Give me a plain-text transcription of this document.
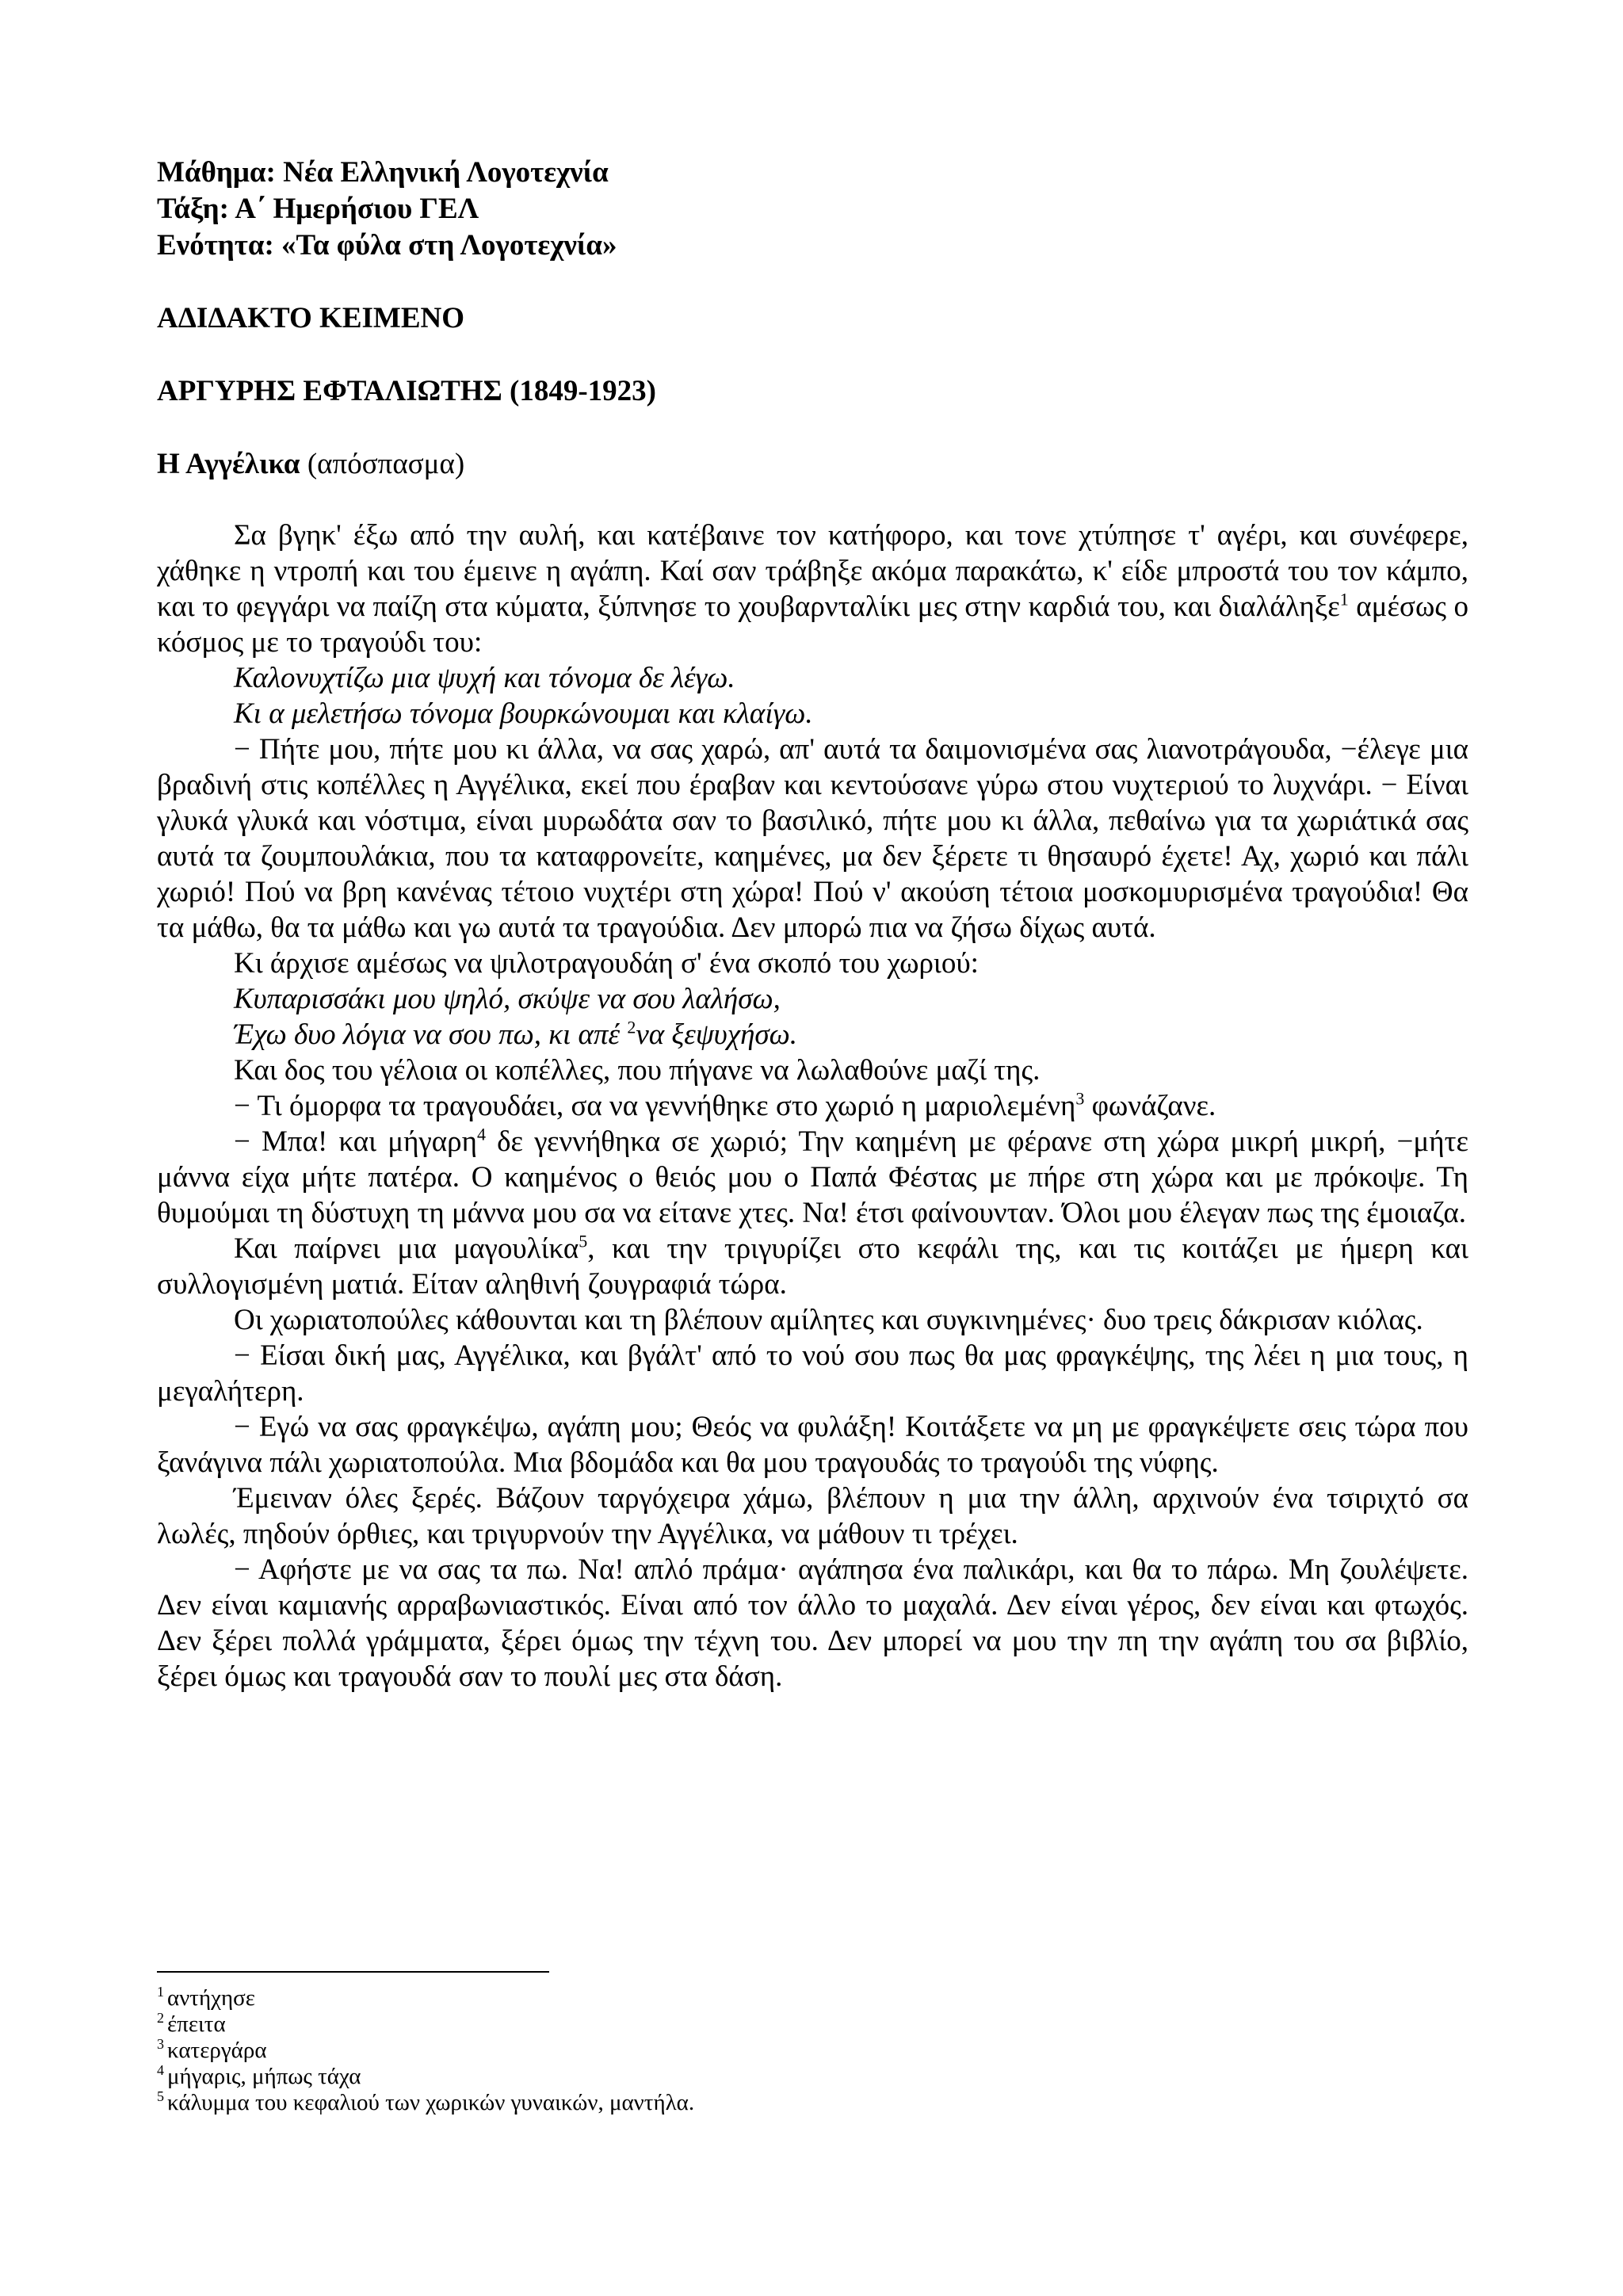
Μάθημα: Νέα Ελληνική Λογοτεχνία
Τάξη: Α΄ Ημερήσιου ΓΕΛ
Ενότητα: «Τα φύλα στη Λογοτεχνία»
ΑΔΙΔΑΚΤΟ ΚΕΙΜΕΝΟ
ΑΡΓΥΡΗΣ ΕΦΤΑΛΙΩΤΗΣ (1849-1923)
Η Αγγέλικα (απόσπασμα)

Σα βγηκ' έξω από την αυλή, και κατέβαινε τον κατήφορο, και τονε χτύπησε τ' αγέρι, και συνέφερε, χάθηκε η ντροπή και του έμεινε η αγάπη. Καί σαν τράβηξε ακόμα παρακάτω, κ' είδε μπροστά του τον κάμπο, και το φεγγάρι να παίζη στα κύματα, ξύπνησε το χουβαρνταλίκι μες στην καρδιά του, και διαλάληξε$^1$ αμέσως ο κόσμος με το τραγούδι του:

Καλονυχτίζω μια ψυχή και τόνομα δε λέγω.
Κι α μελετήσω τόνομα βουρκώνουμαι και κλαίγω.

− Πήτε μου, πήτε μου κι άλλα, να σας χαρώ, απ' αυτά τα δαιμονισμένα σας λιανοτράγουδα, −έλεγε μια βραδινή στις κοπέλλες η Αγγέλικα, εκεί που έραβαν και κεντούσανε γύρω στου νυχτεριού το λυχνάρι. − Είναι γλυκά γλυκά και νόστιμα, είναι μυρωδάτα σαν το βασιλικό, πήτε μου κι άλλα, πεθαίνω για τα χωριάτικά σας αυτά τα ζουμπουλάκια, που τα καταφρονείτε, καημένες, μα δεν ξέρετε τι θησαυρό έχετε! Αχ, χωριό και πάλι χωριό! Πού να βρη κανένας τέτοιο νυχτέρι στη χώρα! Πού ν' ακούση τέτοια μοσκομυρισμένα τραγούδια! Θα τα μάθω, θα τα μάθω και γω αυτά τα τραγούδια. Δεν μπορώ πια να ζήσω δίχως αυτά.

Κι άρχισε αμέσως να ψιλοτραγουδάη σ' ένα σκοπό του χωριού:

Κυπαρισσάκι μου ψηλό, σκύψε να σου λαλήσω,
Έχω δυο λόγια να σου πω, κι απέ $^2$να ξεψυχήσω.

Και δος του γέλοια οι κοπέλλες, που πήγανε να λωλαθούνε μαζί της.

− Τι όμορφα τα τραγουδάει, σα να γεννήθηκε στο χωριό η μαριολεμένη$^3$ φωνάζανε.

− Μπα! και μήγαρη$^4$ δε γεννήθηκα σε χωριό; Την καημένη με φέρανε στη χώρα μικρή μικρή, −μήτε μάννα είχα μήτε πατέρα. Ο καημένος ο θειός μου ο Παπά Φέστας με πήρε στη χώρα και με πρόκοψε. Τη θυμούμαι τη δύστυχη τη μάννα μου σα να είτανε χτες. Να! έτσι φαίνουνταν. Όλοι μου έλεγαν πως της έμοιαζα.

Και παίρνει μια μαγουλίκα$^5$, και την τριγυρίζει στο κεφάλι της, και τις κοιτάζει με ήμερη και συλλογισμένη ματιά. Είταν αληθινή ζουγραφιά τώρα.

Οι χωριατοπούλες κάθουνται και τη βλέπουν αμίλητες και συγκινημένες· δυο τρεις δάκρισαν κιόλας.

− Είσαι δική μας, Αγγέλικα, και βγάλτ' από το νού σου πως θα μας φραγκέψης, της λέει η μια τους, η μεγαλήτερη.

− Εγώ να σας φραγκέψω, αγάπη μου; Θεός να φυλάξη! Κοιτάξετε να μη με φραγκέψετε σεις τώρα που ξανάγινα πάλι χωριατοπούλα. Μια βδομάδα και θα μου τραγουδάς το τραγούδι της νύφης.

Έμειναν όλες ξερές. Βάζουν ταργόχειρα χάμω, βλέπουν η μια την άλλη, αρχινούν ένα τσιριχτό σα λωλές, πηδούν όρθιες, και τριγυρνούν την Αγγέλικα, να μάθουν τι τρέχει.

− Αφήστε με να σας τα πω. Να! απλό πράμα· αγάπησα ένα παλικάρι, και θα το πάρω. Μη ζουλέψετε. Δεν είναι καμιανής αρραβωνιαστικός. Είναι από τον άλλο το μαχαλά. Δεν είναι γέρος, δεν είναι και φτωχός. Δεν ξέρει πολλά γράμματα, ξέρει όμως την τέχνη του. Δεν μπορεί να μου την πη την αγάπη του σα βιβλίο, ξέρει όμως και τραγουδά σαν το πουλί μες στα δάση.

$^1$ αντήχησε
$^2$ έπειτα
$^3$ κατεργάρα
$^4$ μήγαρις, μήπως τάχα
$^5$ κάλυμμα του κεφαλιού των χωρικών γυναικών, μαντήλα.
